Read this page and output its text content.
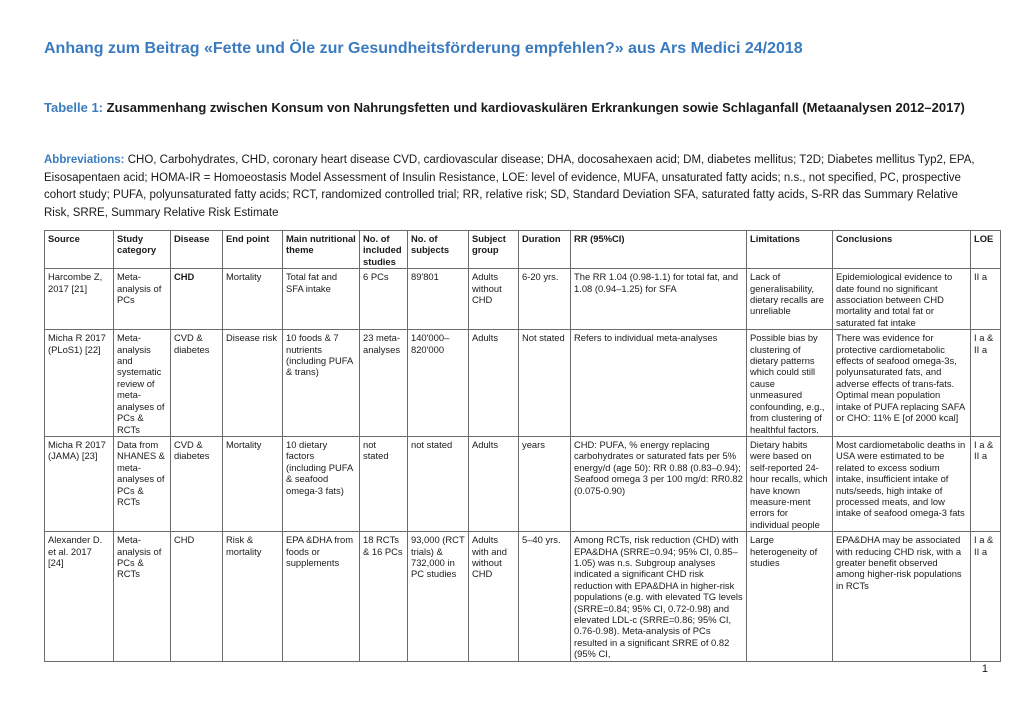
Anhang zum Beitrag «Fette und Öle zur Gesundheitsförderung empfehlen?» aus Ars Medici 24/2018
Tabelle 1: Zusammenhang zwischen Konsum von Nahrungsfetten und kardiovaskulären Erkrankungen sowie Schlaganfall (Metaanalysen 2012–2017)
Abbreviations: CHO, Carbohydrates, CHD, coronary heart disease CVD, cardiovascular disease; DHA, docosahexaen acid; DM, diabetes mellitus; T2D; Diabetes mellitus Typ2, EPA, Eisosapentaen acid; HOMA-IR = Homoeostasis Model Assessment of Insulin Resistance, LOE: level of evidence, MUFA, unsaturated fatty acids; n.s., not specified, PC, prospective cohort study; PUFA, polyunsaturated fatty acids; RCT, randomized controlled trial; RR, relative risk; SD, Standard Deviation SFA, saturated fatty acids, S-RR das Summary Relative Risk, SRRE, Summary Relative Risk Estimate
Source	Study category	Disease	End point	Main nutritional theme	No. of included studies	No. of subjects	Subject group	Duration	RR (95%CI)	Limitations	Conclusions	LOE
Harcombe Z, 2017 [21]	Meta-analysis of PCs	CHD	Mortality	Total fat and SFA intake	6 PCs	89'801	Adults without CHD	6-20 yrs.	The RR 1.04 (0.98-1.1) for total fat, and 1.08 (0.94–1.25) for SFA	Lack of generalisability, dietary recalls are unreliable	Epidemiological evidence to date found no significant association between CHD mortality and total fat or saturated fat intake	II a
Micha R 2017 (PLoS1) [22]	Meta-analysis and systematic review of meta-analyses of PCs & RCTs	CVD & diabetes	Disease risk	10 foods & 7 nutrients (including PUFA & trans)	23 meta-analyses	140'000–820'000	Adults	Not stated	Refers to individual meta-analyses	Possible bias by clustering of dietary patterns which could still cause unmeasured confounding, e.g., from clustering of healthful factors.	There was evidence for protective cardiometabolic effects of seafood omega-3s, polyunsaturated fats, and adverse effects of trans-fats. Optimal mean population intake of PUFA replacing SAFA or CHO: 11% E [of 2000 kcal]	I a & II a
Micha R 2017 (JAMA) [23]	Data from NHANES & meta-analyses of PCs & RCTs	CVD & diabetes	Mortality	10 dietary factors (including PUFA & seafood omega-3 fats)	not stated	not stated	Adults	years	CHD: PUFA, % energy replacing carbohydrates or saturated fats per 5% energy/d (age 50): RR 0.88 (0.83–0.94); Seafood omega 3 per 100 mg/d: RR0.82 (0.075-0.90)	Dietary habits were based on self-reported 24-hour recalls, which have known measure-ment errors for individual people	Most cardiometabolic deaths in USA were estimated to be related to excess sodium intake, insufficient intake of nuts/seeds, high intake of processed meats, and low intake of seafood omega-3 fats	I a & II a
Alexander D. et al. 2017 [24]	Meta-analysis of PCs & RCTs	CHD	Risk & mortality	EPA &DHA from foods or supplements	18 RCTs & 16 PCs	93,000 (RCT trials) & 732,000 in PC studies	Adults with and without CHD	5–40 yrs.	Among RCTs, risk reduction (CHD) with EPA&DHA (SRRE=0.94; 95% CI, 0.85–1.05) was n.s. Subgroup analyses indicated a significant CHD risk reduction with EPA&DHA in higher-risk populations (e.g. with elevated TG levels (SRRE=0.84; 95% CI, 0.72-0.98) and elevated LDL-c (SRRE=0.86; 95% CI, 0.76-0.98). Meta-analysis of PCs resulted in a significant SRRE of 0.82 (95% CI,	Large heterogeneity of studies	EPA&DHA may be associated with reducing CHD risk, with a greater benefit observed among higher-risk populations in RCTs	I a & II a
1
